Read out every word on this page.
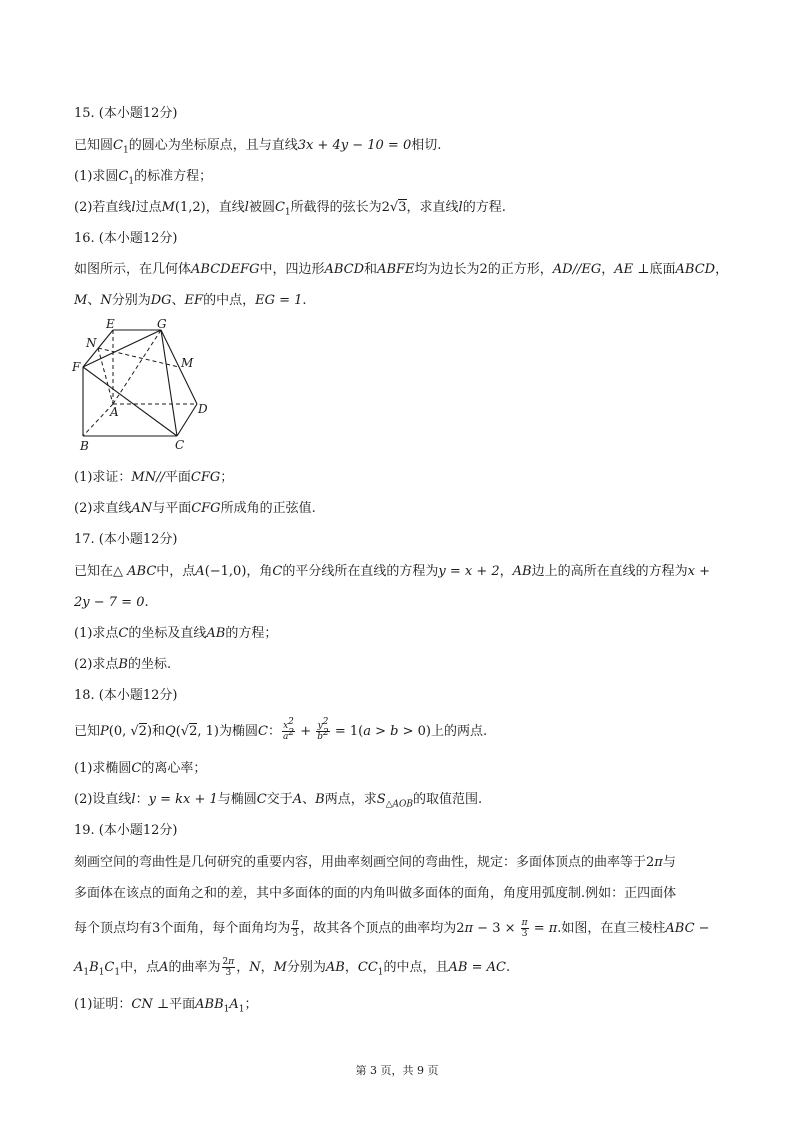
15. (本小题12分)
已知圆$C_1$的圆心为坐标原点，且与直线3x + 4y − 10 = 0相切.
(1)求圆$C_1$的标准方程；
(2)若直线l过点M(1,2)，直线l被圆$C_1$所截得的弦长为2√3，求直线l的方程.
16. (本小题12分)
如图所示，在几何体ABCDEFG中，四边形ABCD和ABFE均为边长为2的正方形，AD//EG，AE ⊥底面ABCD，
M、N分别为DG、EF的中点，EG = 1.
E	G
N
M
F
A	D
B	C
(1)求证：MN//平面CFG；
(2)求直线AN与平面CFG所成角的正弦值.
17. (本小题12分)
已知在△ ABC中，点A(−1,0)，角C的平分线所在直线的方程为y = x + 2，AB边上的高所在直线的方程为x +
2y − 7 = 0.
(1)求点C的坐标及直线AB的方程；
(2)求点B的坐标.
18. (本小题12分)
已知P(0, √2)和Q(√2, 1)为椭圆C： $\frac{x^2}{a^2} + \frac{y^2}{b^2} = 1(a > b > 0)$上的两点.
(1)求椭圆C的离心率；
(2)设直线l：y = kx + 1与椭圆C交于A、B两点，求$S_{\triangle AOB}$的取值范围.
19. (本小题12分)
刻画空间的弯曲性是几何研究的重要内容，用曲率刻画空间的弯曲性，规定：多面体顶点的曲率等于2π与
多面体在该点的面角之和的差，其中多面体的面的内角叫做多面体的面角，角度用弧度制.例如：正四面体
每个顶点均有3个面角，每个面角均为 $\frac{\pi}{3}$ ，故其各个顶点的曲率均为$2\pi - 3 \times \frac{\pi}{3} = \pi$.如图，在直三棱柱ABC −
$A_1B_1C_1$中，点A的曲率为 $\frac{2\pi}{3}$ ，N，M分别为AB，$CC_1$的中点，且AB = AC.
(1)证明：CN ⊥平面$ABB_1A_1$；
第 3 页，共 9 页
